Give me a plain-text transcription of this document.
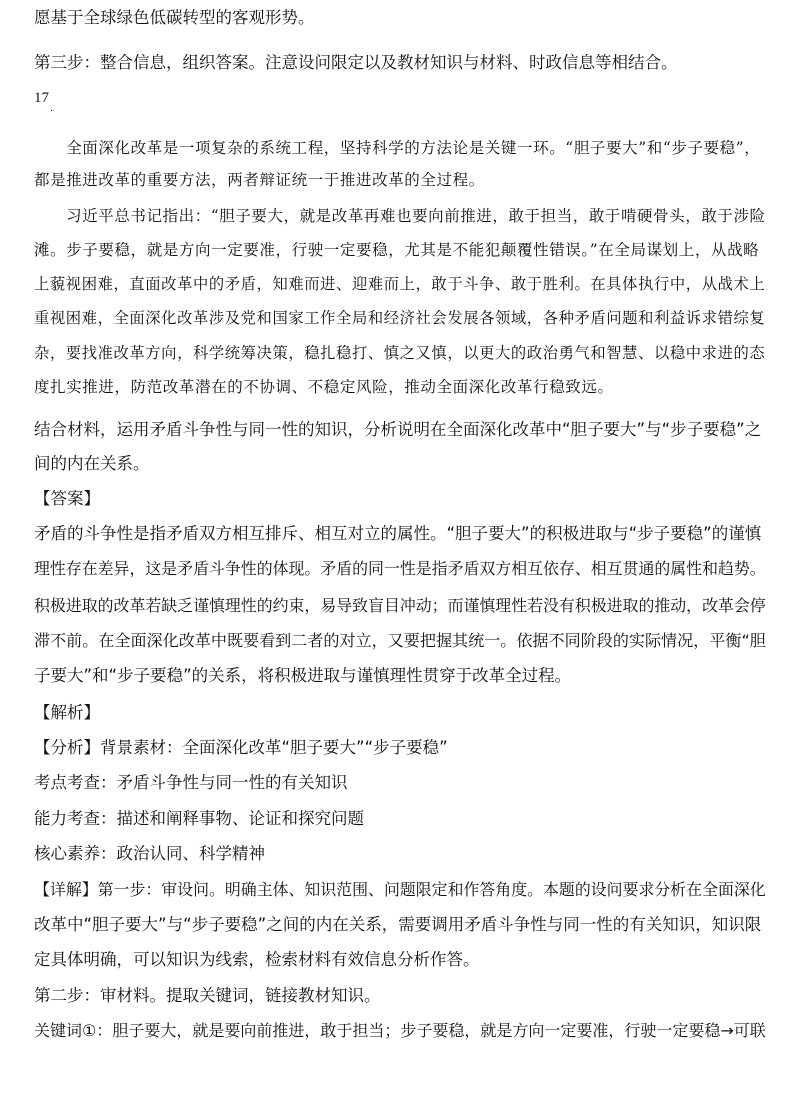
愿基于全球绿色低碳转型的客观形势。
第三步：整合信息，组织答案。注意设问限定以及教材知识与材料、时政信息等相结合。
17
·
　　全面深化改革是一项复杂的系统工程，坚持科学的方法论是关键一环。“胆子要大”和“步子要稳”，
都是推进改革的重要方法，两者辩证统一于推进改革的全过程。
　　习近平总书记指出：“胆子要大，就是改革再难也要向前推进，敢于担当，敢于啃硬骨头，敢于涉险
滩。步子要稳，就是方向一定要准，行驶一定要稳，尤其是不能犯颠覆性错误。”在全局谋划上，从战略
上藐视困难，直面改革中的矛盾，知难而进、迎难而上，敢于斗争、敢于胜利。在具体执行中，从战术上
重视困难，全面深化改革涉及党和国家工作全局和经济社会发展各领域，各种矛盾问题和利益诉求错综复
杂，要找准改革方向，科学统筹决策，稳扎稳打、慎之又慎，以更大的政治勇气和智慧、以稳中求进的态
度扎实推进，防范改革潜在的不协调、不稳定风险，推动全面深化改革行稳致远。
结合材料，运用矛盾斗争性与同一性的知识，分析说明在全面深化改革中“胆子要大”与“步子要稳”之
间的内在关系。
【答案】
矛盾的斗争性是指矛盾双方相互排斥、相互对立的属性。“胆子要大”的积极进取与“步子要稳”的谨慎
理性存在差异，这是矛盾斗争性的体现。矛盾的同一性是指矛盾双方相互依存、相互贯通的属性和趋势。
积极进取的改革若缺乏谨慎理性的约束，易导致盲目冲动；而谨慎理性若没有积极进取的推动，改革会停
滞不前。在全面深化改革中既要看到二者的对立，又要把握其统一。依据不同阶段的实际情况，平衡“胆
子要大”和“步子要稳”的关系，将积极进取与谨慎理性贯穿于改革全过程。
【解析】
【分析】背景素材：全面深化改革“胆子要大”“步子要稳”
考点考查：矛盾斗争性与同一性的有关知识
能力考查：描述和阐释事物、论证和探究问题
核心素养：政治认同、科学精神
【详解】第一步：审设问。明确主体、知识范围、问题限定和作答角度。本题的设问要求分析在全面深化
改革中“胆子要大”与“步子要稳”之间的内在关系，需要调用矛盾斗争性与同一性的有关知识，知识限
定具体明确，可以知识为线索，检索材料有效信息分析作答。
第二步：审材料。提取关键词，链接教材知识。
关键词①：胆子要大，就是要向前推进，敢于担当；步子要稳，就是方向一定要准，行驶一定要稳→可联
